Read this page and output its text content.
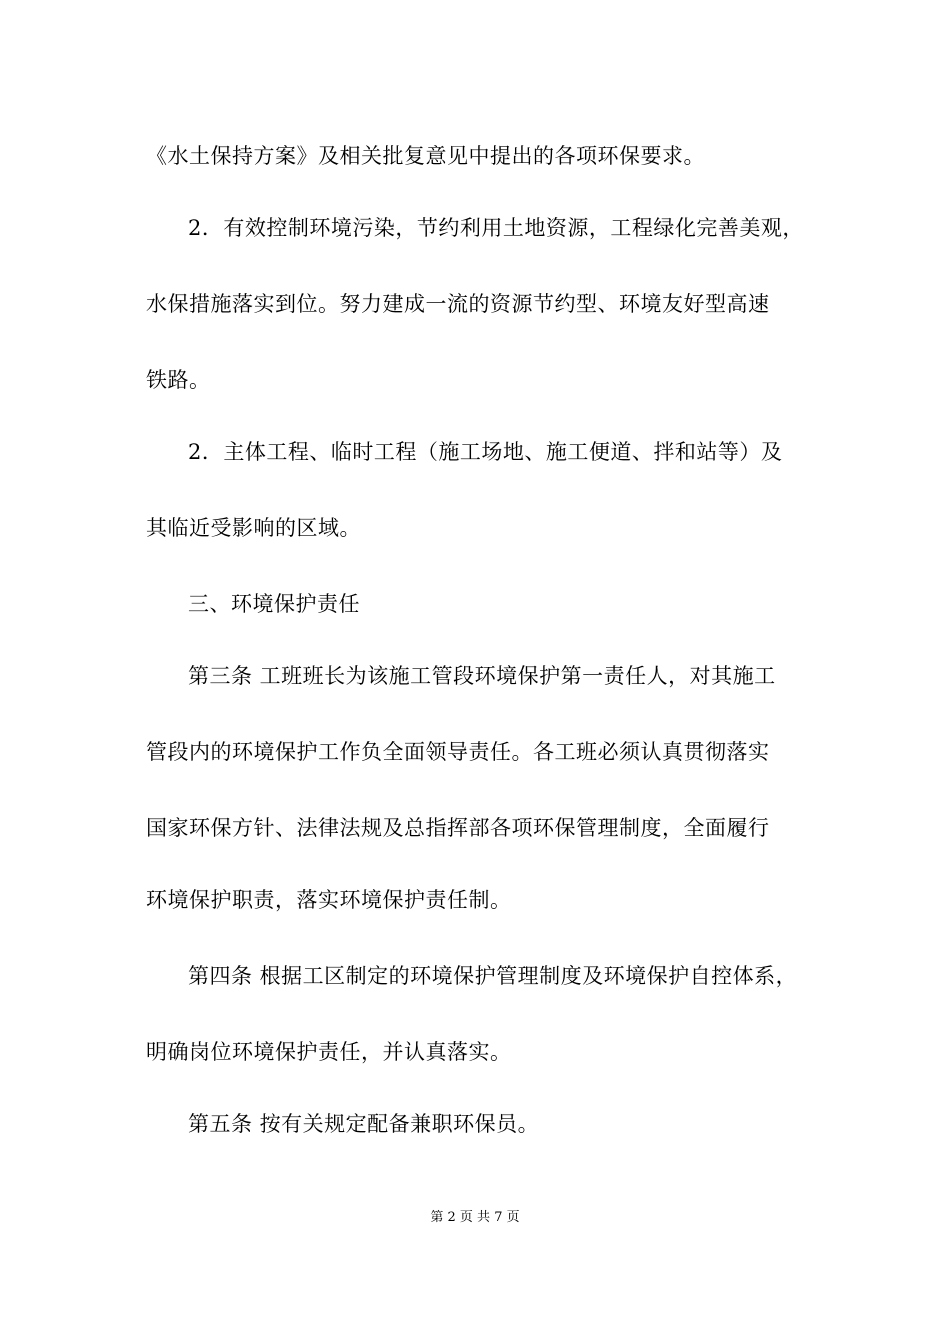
《水土保持方案》及相关批复意见中提出的各项环保要求。
2．有效控制环境污染，节约利用土地资源，工程绿化完善美观，
水保措施落实到位。努力建成一流的资源节约型、环境友好型高速
铁路。
2．主体工程、临时工程（施工场地、施工便道、拌和站等）及
其临近受影响的区域。
三、环境保护责任
第三条 工班班长为该施工管段环境保护第一责任人，对其施工
管段内的环境保护工作负全面领导责任。各工班必须认真贯彻落实
国家环保方针、法律法规及总指挥部各项环保管理制度，全面履行
环境保护职责，落实环境保护责任制。
第四条 根据工区制定的环境保护管理制度及环境保护自控体系，
明确岗位环境保护责任，并认真落实。
第五条 按有关规定配备兼职环保员。
第 2 页 共 7 页
